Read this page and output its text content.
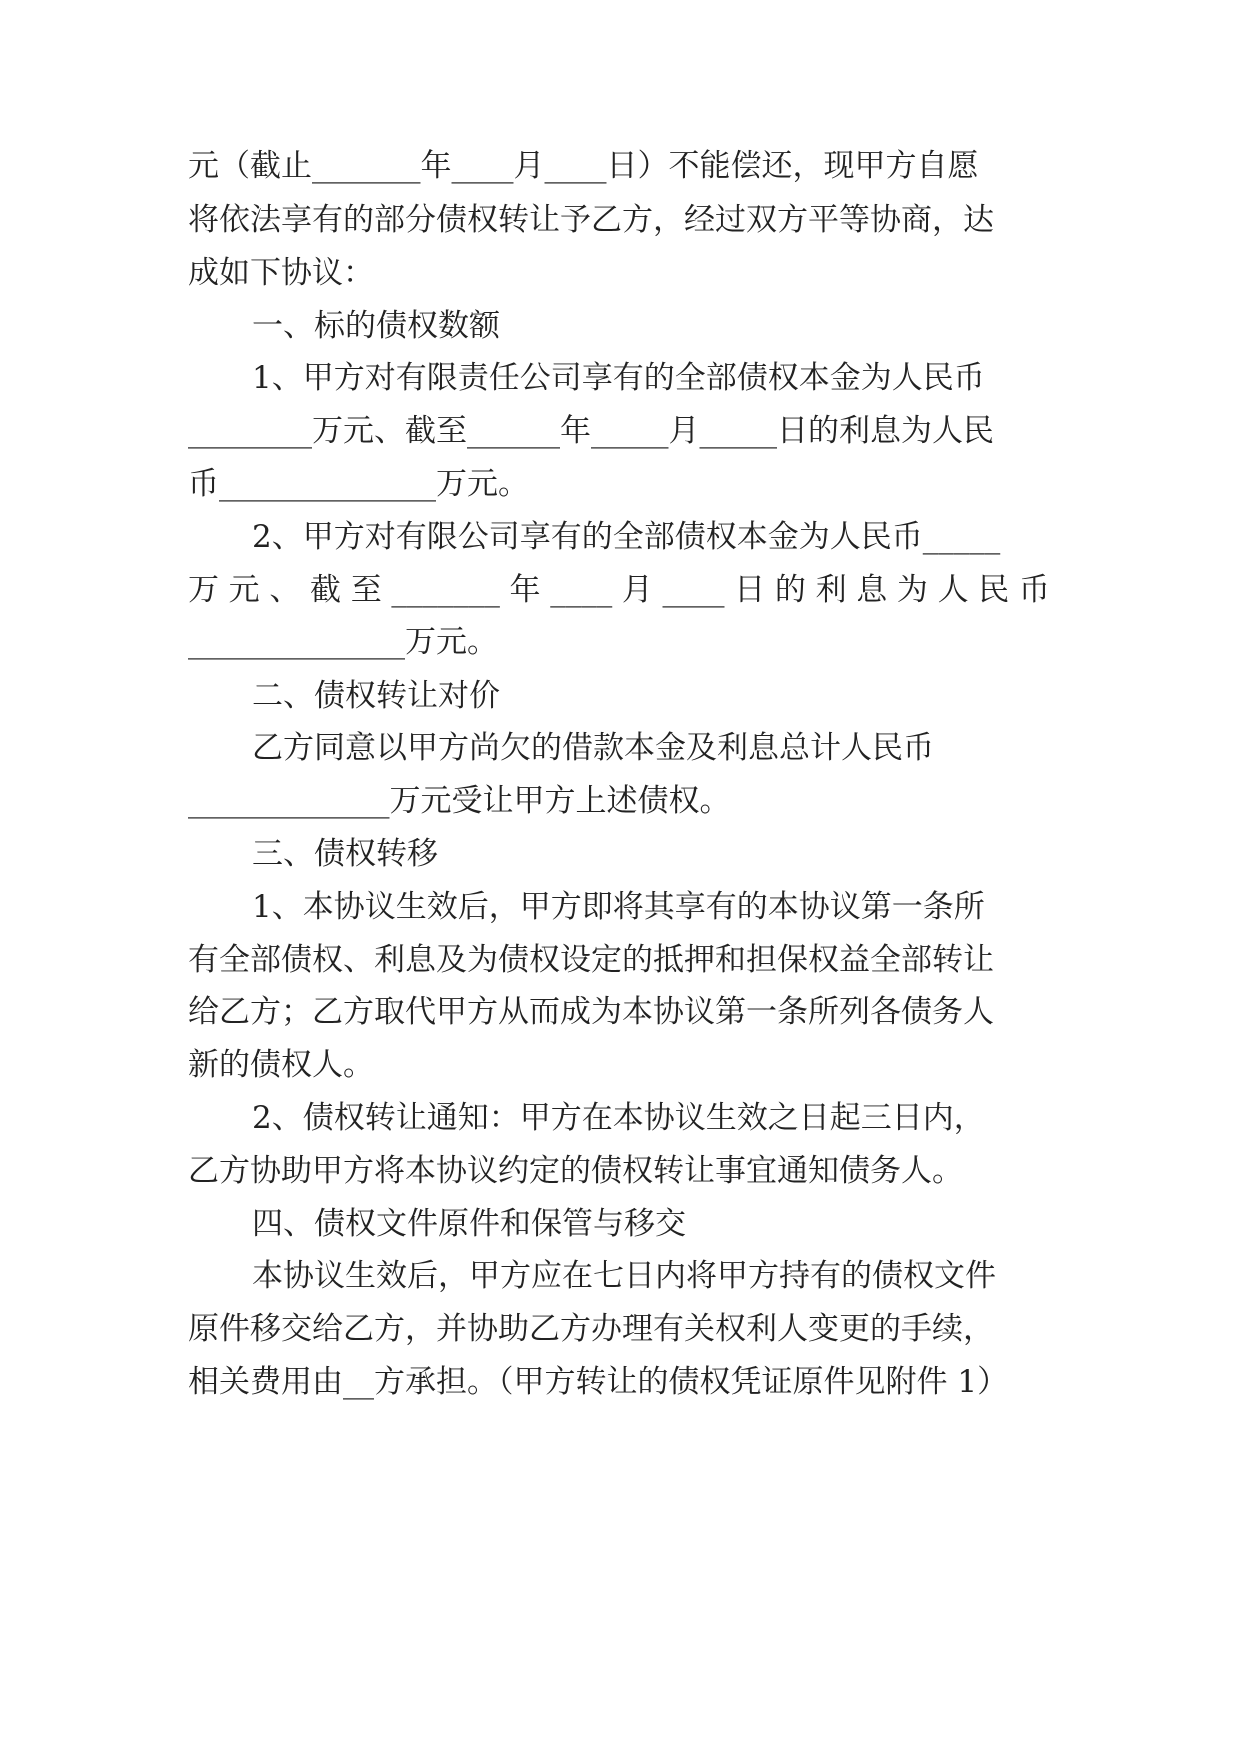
元（截止_______年____月____日）不能偿还，现甲方自愿
将依法享有的部分债权转让予乙方，经过双方平等协商，达
成如下协议：
一、标的债权数额
1、甲方对有限责任公司享有的全部债权本金为人民币
________万元、截至______年_____月_____日的利息为人民
币______________万元。
2、甲方对有限公司享有的全部债权本金为人民币_____
万 元 、 截 至 _______ 年 ____ 月 ____ 日 的 利 息 为 人 民 币
______________万元。
二、债权转让对价
乙方同意以甲方尚欠的借款本金及利息总计人民币
_____________万元受让甲方上述债权。
三、债权转移
1、本协议生效后，甲方即将其享有的本协议第一条所
有全部债权、利息及为债权设定的抵押和担保权益全部转让
给乙方；乙方取代甲方从而成为本协议第一条所列各债务人
新的债权人。
2、债权转让通知：甲方在本协议生效之日起三日内，
乙方协助甲方将本协议约定的债权转让事宜通知债务人。
四、债权文件原件和保管与移交
本协议生效后，甲方应在七日内将甲方持有的债权文件
原件移交给乙方，并协助乙方办理有关权利人变更的手续，
相关费用由__方承担。（甲方转让的债权凭证原件见附件 1）
